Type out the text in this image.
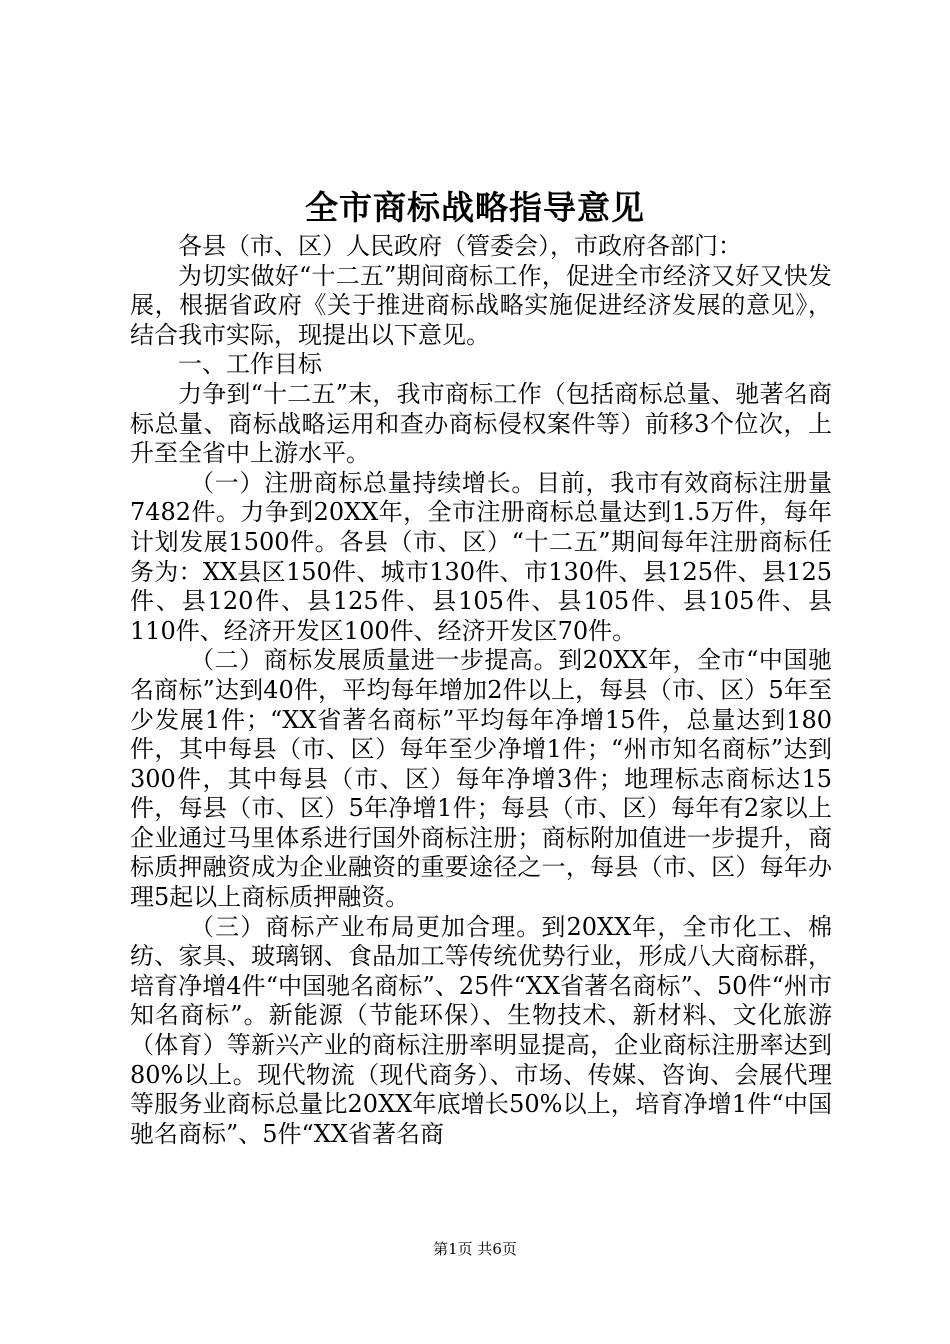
全市商标战略指导意见

各县（市、区）人民政府（管委会），市政府各部门：

为切实做好“十二五”期间商标工作，促进全市经济又好又快发展，根据省政府《关于推进商标战略实施促进经济发展的意见》，结合我市实际，现提出以下意见。

一、工作目标

力争到“十二五”末，我市商标工作（包括商标总量、驰著名商标总量、商标战略运用和查办商标侵权案件等）前移3个位次，上升至全省中上游水平。

（一）注册商标总量持续增长。目前，我市有效商标注册量7482件。力争到20XX年，全市注册商标总量达到1.5万件，每年计划发展1500件。各县（市、区）“十二五”期间每年注册商标任务为：XX县区150件、城市130件、市130件、县125件、县125件、县120件、县125件、县105件、县105件、县105件、县110件、经济开发区100件、经济开发区70件。

（二）商标发展质量进一步提高。到20XX年，全市“中国驰名商标”达到40件，平均每年增加2件以上，每县（市、区）5年至少发展1件；“XX省著名商标”平均每年净增15件，总量达到180件，其中每县（市、区）每年至少净增1件；“州市知名商标”达到300件，其中每县（市、区）每年净增3件；地理标志商标达15件，每县（市、区）5年净增1件；每县（市、区）每年有2家以上企业通过马里体系进行国外商标注册；商标附加值进一步提升，商标质押融资成为企业融资的重要途径之一，每县（市、区）每年办理5起以上商标质押融资。

（三）商标产业布局更加合理。到20XX年，全市化工、棉纺、家具、玻璃钢、食品加工等传统优势行业，形成八大商标群，培育净增4件“中国驰名商标”、25件“XX省著名商标”、50件“州市知名商标”。新能源（节能环保）、生物技术、新材料、文化旅游（体育）等新兴产业的商标注册率明显提高，企业商标注册率达到80%以上。现代物流（现代商务）、市场、传媒、咨询、会展代理等服务业商标总量比20XX年底增长50%以上，培育净增1件“中国驰名商标”、5件“XX省著名商

第1页 共6页
